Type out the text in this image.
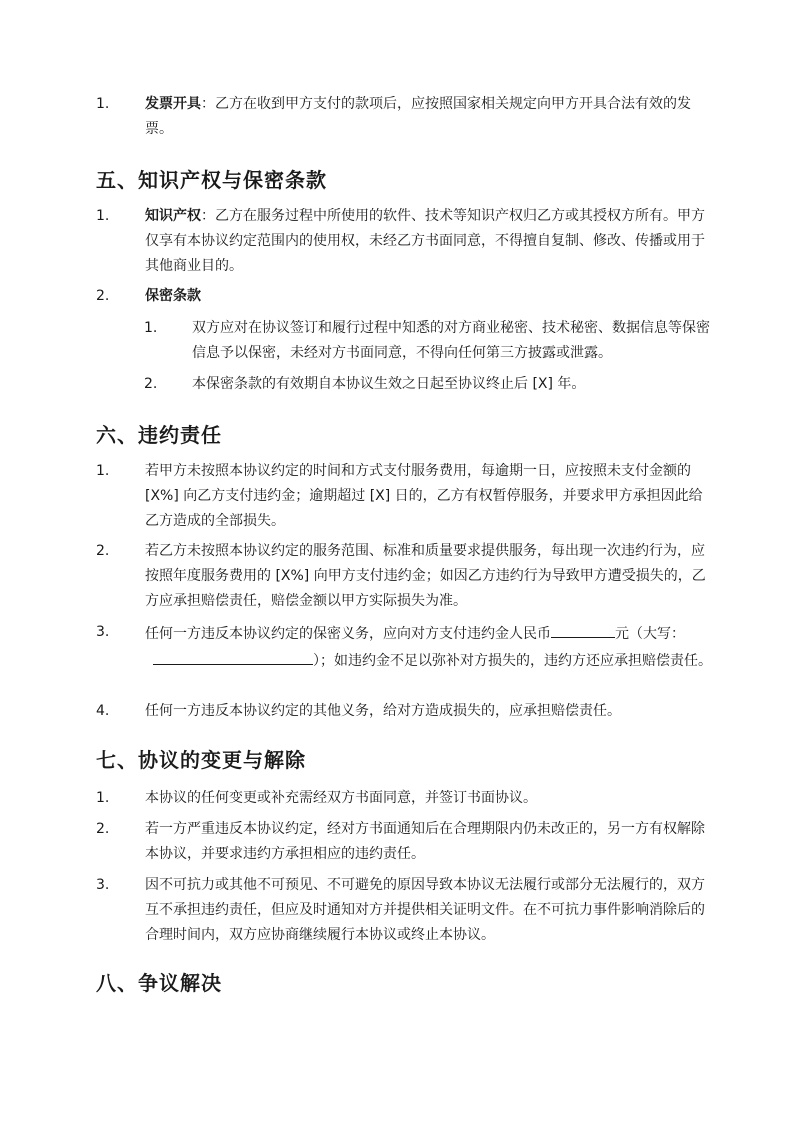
1.	发票开具：乙方在收到甲方支付的款项后，应按照国家相关规定向甲方开具合法有效的发票。
五、知识产权与保密条款
1.	知识产权：乙方在服务过程中所使用的软件、技术等知识产权归乙方或其授权方所有。甲方仅享有本协议约定范围内的使用权，未经乙方书面同意，不得擅自复制、修改、传播或用于其他商业目的。
2.	保密条款
1. 双方应对在协议签订和履行过程中知悉的对方商业秘密、技术秘密、数据信息等保密信息予以保密，未经对方书面同意，不得向任何第三方披露或泄露。
2. 本保密条款的有效期自本协议生效之日起至协议终止后 [X] 年。
六、违约责任
1.	若甲方未按照本协议约定的时间和方式支付服务费用，每逾期一日，应按照未支付金额的 [X%] 向乙方支付违约金；逾期超过 [X] 日的，乙方有权暂停服务，并要求甲方承担因此给乙方造成的全部损失。
2.	若乙方未按照本协议约定的服务范围、标准和质量要求提供服务，每出现一次违约行为，应按照年度服务费用的 [X%] 向甲方支付违约金；如因乙方违约行为导致甲方遭受损失的，乙方应承担赔偿责任，赔偿金额以甲方实际损失为准。
3.	任何一方违反本协议约定的保密义务，应向对方支付违约金人民币	元（大写：）；如违约金不足以弥补对方损失的，违约方还应承担赔偿责任。
4.	任何一方违反本协议约定的其他义务，给对方造成损失的，应承担赔偿责任。
七、协议的变更与解除
1.	本协议的任何变更或补充需经双方书面同意，并签订书面协议。
2.	若一方严重违反本协议约定，经对方书面通知后在合理期限内仍未改正的，另一方有权解除本协议，并要求违约方承担相应的违约责任。
3.	因不可抗力或其他不可预见、不可避免的原因导致本协议无法履行或部分无法履行的，双方互不承担违约责任，但应及时通知对方并提供相关证明文件。在不可抗力事件影响消除后的合理时间内，双方应协商继续履行本协议或终止本协议。
八、争议解决
